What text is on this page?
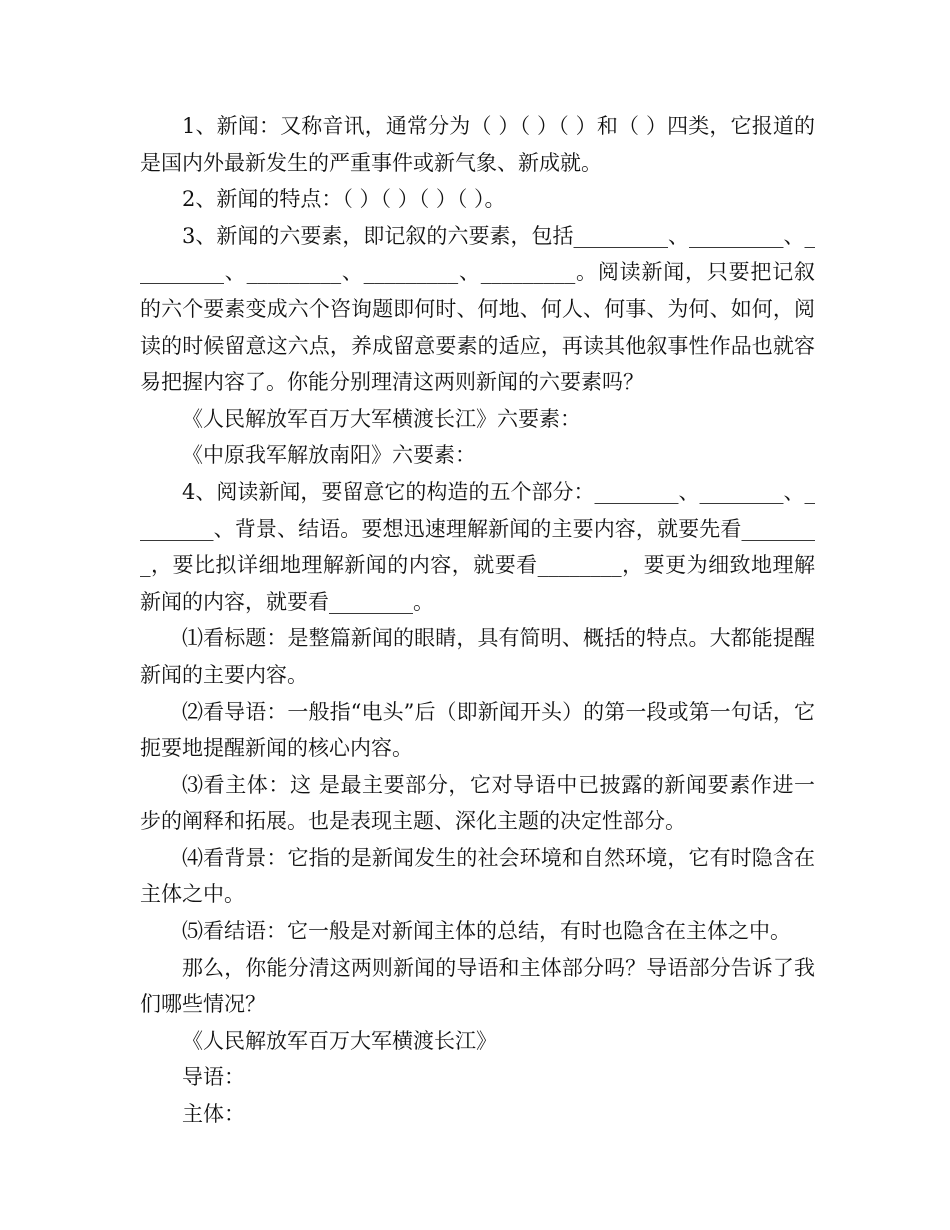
1、新闻：又称音讯，通常分为（ ）（ ）（ ）和（ ）四类，它报道的是国内外最新发生的严重事件或新气象、新成就。

2、新闻的特点：（ ）（ ）（ ）（ ）。

3、新闻的六要素，即记叙的六要素，包括_________、_________、_________、_________、_________、_________。阅读新闻，只要把记叙的六个要素变成六个咨询题即何时、何地、何人、何事、为何、如何，阅读的时候留意这六点，养成留意要素的适应，再读其他叙事性作品也就容易把握内容了。你能分别理清这两则新闻的六要素吗？

《人民解放军百万大军横渡长江》六要素：

《中原我军解放南阳》六要素：

4、阅读新闻，要留意它的构造的五个部分：________、________、________、背景、结语。要想迅速理解新闻的主要内容，就要先看________，要比拟详细地理解新闻的内容，就要看________，要更为细致地理解新闻的内容，就要看________。

⑴看标题：是整篇新闻的眼睛，具有简明、概括的特点。大都能提醒新闻的主要内容。

⑵看导语：一般指“电头”后（即新闻开头）的第一段或第一句话，它扼要地提醒新闻的核心内容。

⑶看主体：这 是最主要部分，它对导语中已披露的新闻要素作进一步的阐释和拓展。也是表现主题、深化主题的决定性部分。

⑷看背景：它指的是新闻发生的社会环境和自然环境，它有时隐含在主体之中。

⑸看结语：它一般是对新闻主体的总结，有时也隐含在主体之中。

那么，你能分清这两则新闻的导语和主体部分吗？导语部分告诉了我们哪些情况？

《人民解放军百万大军横渡长江》

导语：

主体：
